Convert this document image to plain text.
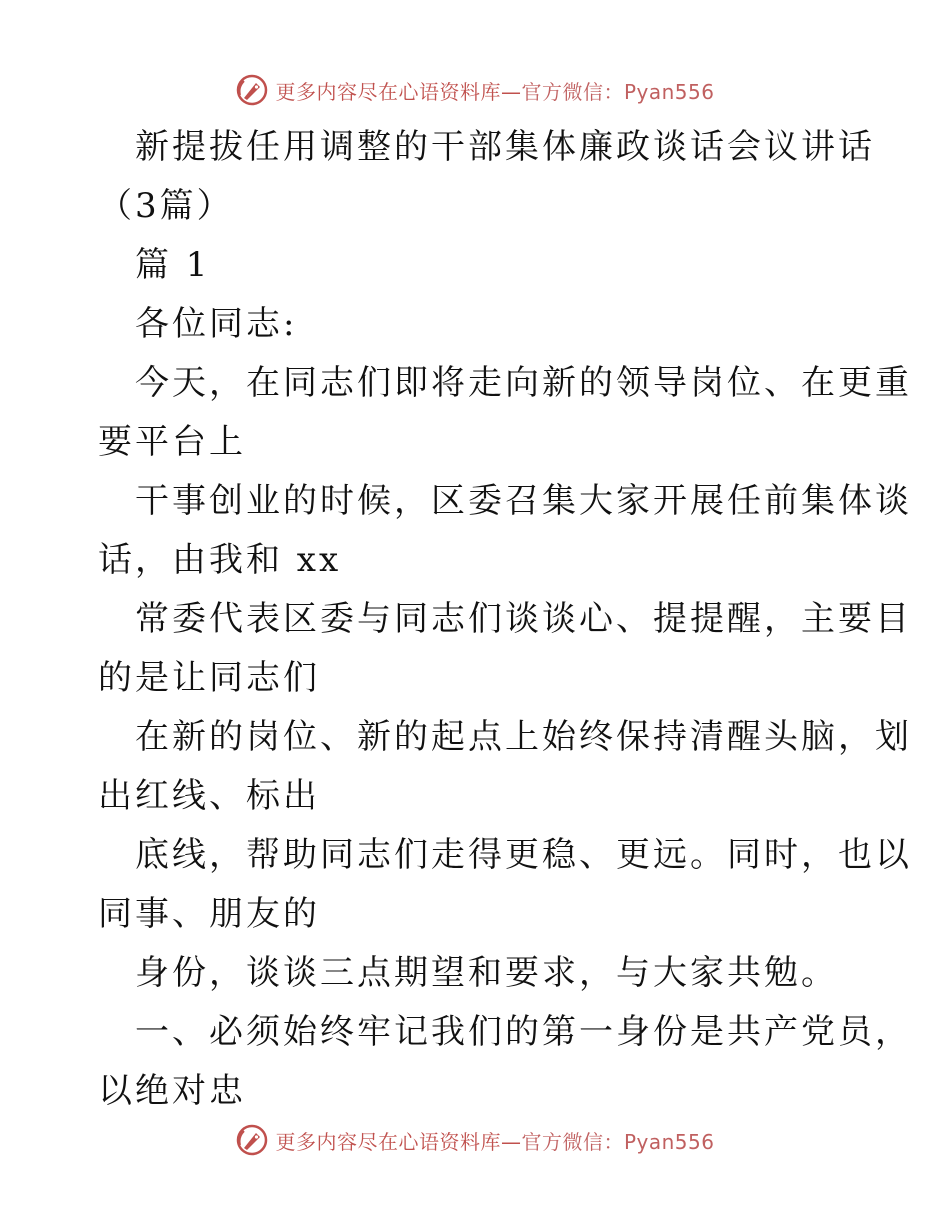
更多内容尽在心语资料库—官方微信：Pyan556
新提拔任用调整的干部集体廉政谈话会议讲话
（3篇）
篇 1
各位同志:
今天，在同志们即将走向新的领导岗位、在更重
要平台上
干事创业的时候，区委召集大家开展任前集体谈
话，由我和 xx
常委代表区委与同志们谈谈心、提提醒，主要目
的是让同志们
在新的岗位、新的起点上始终保持清醒头脑，划
出红线、标出
底线，帮助同志们走得更稳、更远。同时，也以
同事、朋友的
身份，谈谈三点期望和要求，与大家共勉。
一、必须始终牢记我们的第一身份是共产党员，
以绝对忠
更多内容尽在心语资料库—官方微信：Pyan556
